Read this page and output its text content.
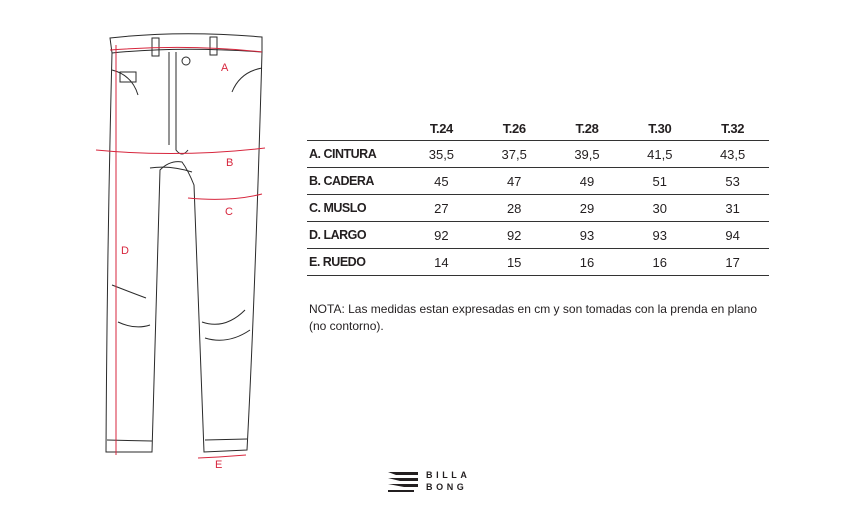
A
B
C
D
E
	T.24	T.26	T.28	T.30	T.32
A. CINTURA	35,5	37,5	39,5	41,5	43,5
B. CADERA	45	47	49	51	53
C. MUSLO	27	28	29	30	31
D. LARGO	92	92	93	93	94
E. RUEDO	14	15	16	16	17
NOTA: Las medidas estan expresadas en cm y son tomadas con la prenda en plano
(no contorno).
BILLA
BONG
